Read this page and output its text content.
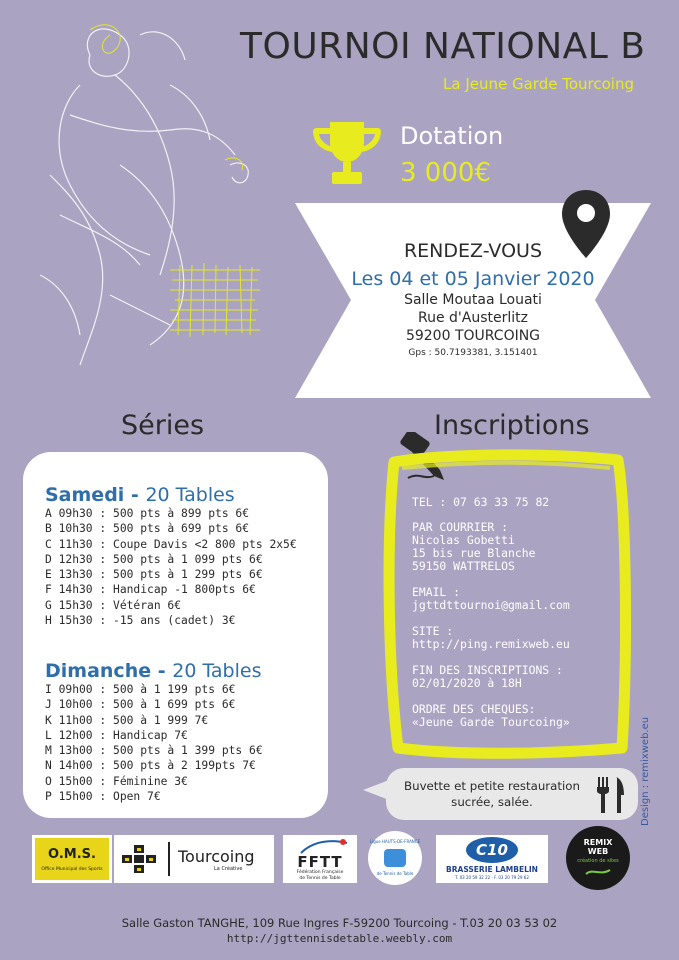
TOURNOI NATIONAL B
La Jeune Garde Tourcoing
Dotation
3 000€
RENDEZ-VOUS
Les 04 et 05 Janvier 2020
Salle Moutaa Louati
Rue d'Austerlitz
59200 TOURCOING
Gps : 50.7193381, 3.151401
Séries
Samedi - 20 Tables
A 09h30 : 500 pts à 899 pts 6€
B 10h30 : 500 pts à 699 pts 6€
C 11h30 : Coupe Davis <2 800 pts 2x5€
D 12h30 : 500 pts à 1 099 pts 6€
E 13h30 : 500 pts à 1 299 pts 6€
F 14h30 : Handicap -1 800pts 6€
G 15h30 : Vétéran 6€
H 15h30 : -15 ans (cadet) 3€
Dimanche - 20 Tables
I 09h00 : 500 à 1 199 pts 6€
J 10h00 : 500 à 1 699 pts 6€
K 11h00 : 500 à 1 999 7€
L 12h00 : Handicap 7€
M 13h00 : 500 pts à 1 399 pts 6€
N 14h00 : 500 pts à 2 199pts 7€
O 15h00 : Féminine 3€
P 15h00 : Open 7€
Inscriptions
TEL : 07 63 33 75 82
PAR COURRIER :
Nicolas Gobetti
15 bis rue Blanche
59150 WATTRELOS
EMAIL :
jgttdttournoi@gmail.com
SITE :
http://ping.remixweb.eu
FIN DES INSCRIPTIONS :
02/01/2020 à 18H
ORDRE DES CHEQUES:
«Jeune Garde Tourcoing»
Buvette et petite restauration
sucrée, salée.
O.M.S.
Office Municipal des Sports
Tourcoing
La Créative	FFTT
Fédération Française
de Tennis de Table
Ligue HAUTS-DE-FRANCE
de Tennis de Table
C10
BRASSERIE LAMBELIN
T. 03 20 59 32 22 - F. 03 20 79 29 62
REMIX
WEB
création de sites
Design : remixweb.eu
Salle Gaston TANGHE, 109 Rue Ingres F-59200 Tourcoing - T.03 20 03 53 02
http://jgttennisdetable.weebly.com
